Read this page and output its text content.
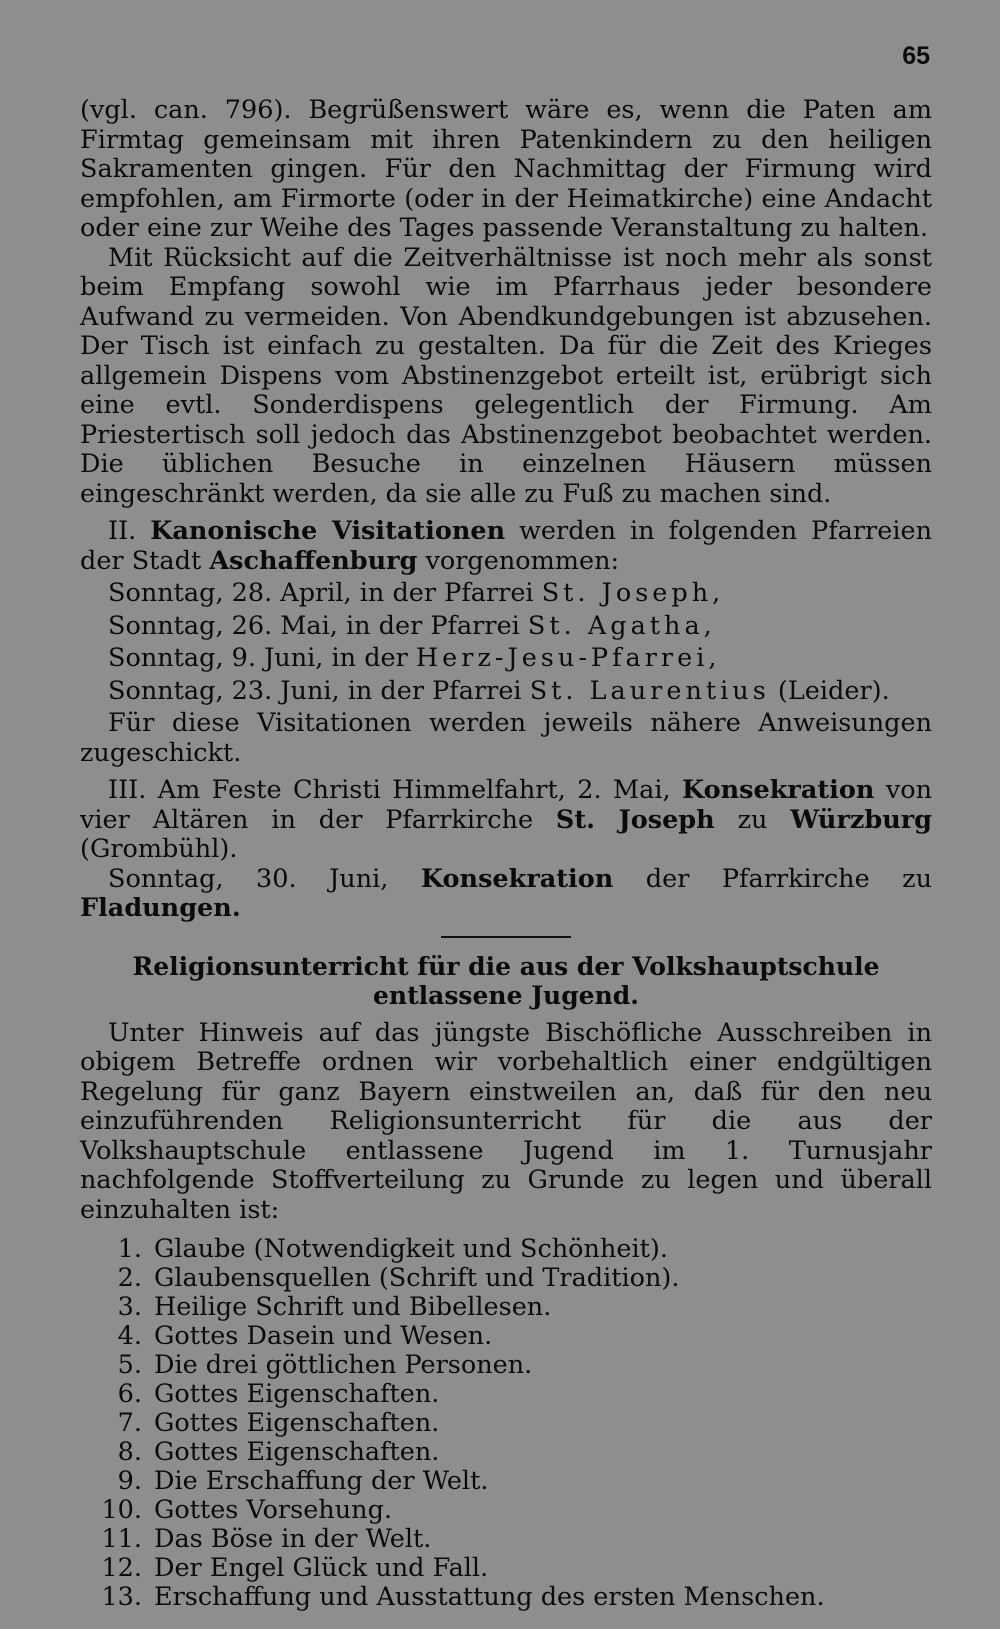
65

(vgl. can. 796). Begrüßenswert wäre es, wenn die Paten am Firmtag gemeinsam mit ihren Patenkindern zu den heiligen Sakramenten gingen. Für den Nachmittag der Firmung wird empfohlen, am Firmorte (oder in der Heimatkirche) eine Andacht oder eine zur Weihe des Tages passende Veranstaltung zu halten.

Mit Rücksicht auf die Zeitverhältnisse ist noch mehr als sonst beim Empfang sowohl wie im Pfarrhaus jeder besondere Aufwand zu vermeiden. Von Abendkundgebungen ist abzusehen. Der Tisch ist einfach zu gestalten. Da für die Zeit des Krieges allgemein Dispens vom Abstinenzgebot erteilt ist, erübrigt sich eine evtl. Sonderdispens gelegentlich der Firmung. Am Priestertisch soll jedoch das Abstinenzgebot beobachtet werden. Die üblichen Besuche in einzelnen Häusern müssen eingeschränkt werden, da sie alle zu Fuß zu machen sind.

II. Kanonische Visitationen werden in folgenden Pfarreien der Stadt Aschaffenburg vorgenommen:

Sonntag, 28. April, in der Pfarrei St. Joseph,
Sonntag, 26. Mai, in der Pfarrei St. Agatha,
Sonntag, 9. Juni, in der Herz-Jesu-Pfarrei,
Sonntag, 23. Juni, in der Pfarrei St. Laurentius (Leider).

Für diese Visitationen werden jeweils nähere Anweisungen zugeschickt.

III. Am Feste Christi Himmelfahrt, 2. Mai, Konsekration von vier Altären in der Pfarrkirche St. Joseph zu Würzburg (Grombühl).

Sonntag, 30. Juni, Konsekration der Pfarrkirche zu Fladungen.

Religionsunterricht für die aus der Volkshauptschule entlassene Jugend.

Unter Hinweis auf das jüngste Bischöfliche Ausschreiben in obigem Betreffe ordnen wir vorbehaltlich einer endgültigen Regelung für ganz Bayern einstweilen an, daß für den neu einzuführenden Religionsunterricht für die aus der Volkshauptschule entlassene Jugend im 1. Turnusjahr nachfolgende Stoffverteilung zu Grunde zu legen und überall einzuhalten ist:

1. Glaube (Notwendigkeit und Schönheit).
2. Glaubensquellen (Schrift und Tradition).
3. Heilige Schrift und Bibellesen.
4. Gottes Dasein und Wesen.
5. Die drei göttlichen Personen.
6. Gottes Eigenschaften.
7. Gottes Eigenschaften.
8. Gottes Eigenschaften.
9. Die Erschaffung der Welt.
10. Gottes Vorsehung.
11. Das Böse in der Welt.
12. Der Engel Glück und Fall.
13. Erschaffung und Ausstattung des ersten Menschen.
